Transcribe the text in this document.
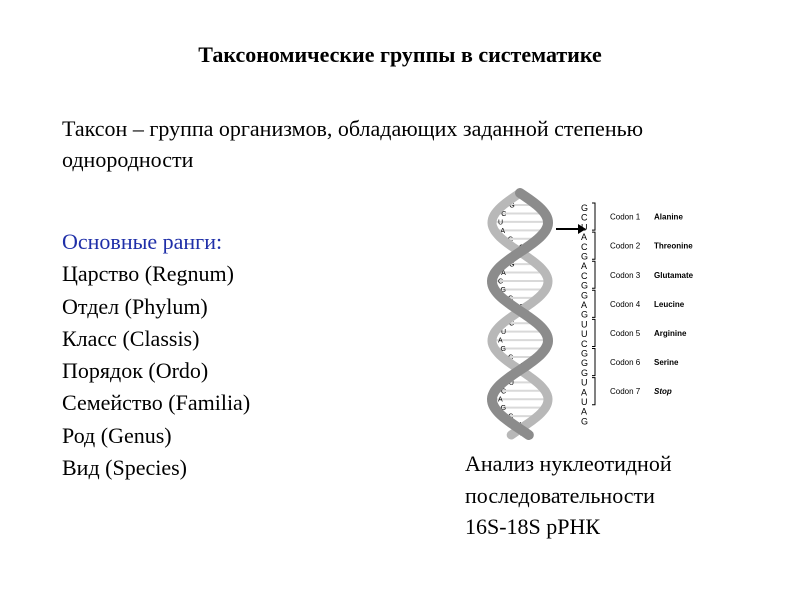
Таксономические группы в систематике
Таксон – группа организмов, обладающих заданной степенью однородности
Основные ранги:
Царство (Regnum)
Отдел (Phylum)
Класс (Classis)
Порядок (Ordo)
Семейство (Familia)
Род (Genus)
Вид (Species)
G
C
U
A
C
G
A
G
A
C
G
C
G
A
C
U
A
G
C
A
G
U
C
A
G
C
U
A
G
C
U
A
C
G
A
C
G
G
A
G
U
U
C
G
G
G
U
A
U
A
G
Codon 1 Alanine
Codon 2 Threonine
Codon 3 Glutamate
Codon 4 Leucine
Codon 5 Arginine
Codon 6 Serine
Codon 7 Stop
Анализ нуклеотидной
последовательности
16S-18S рРНК
